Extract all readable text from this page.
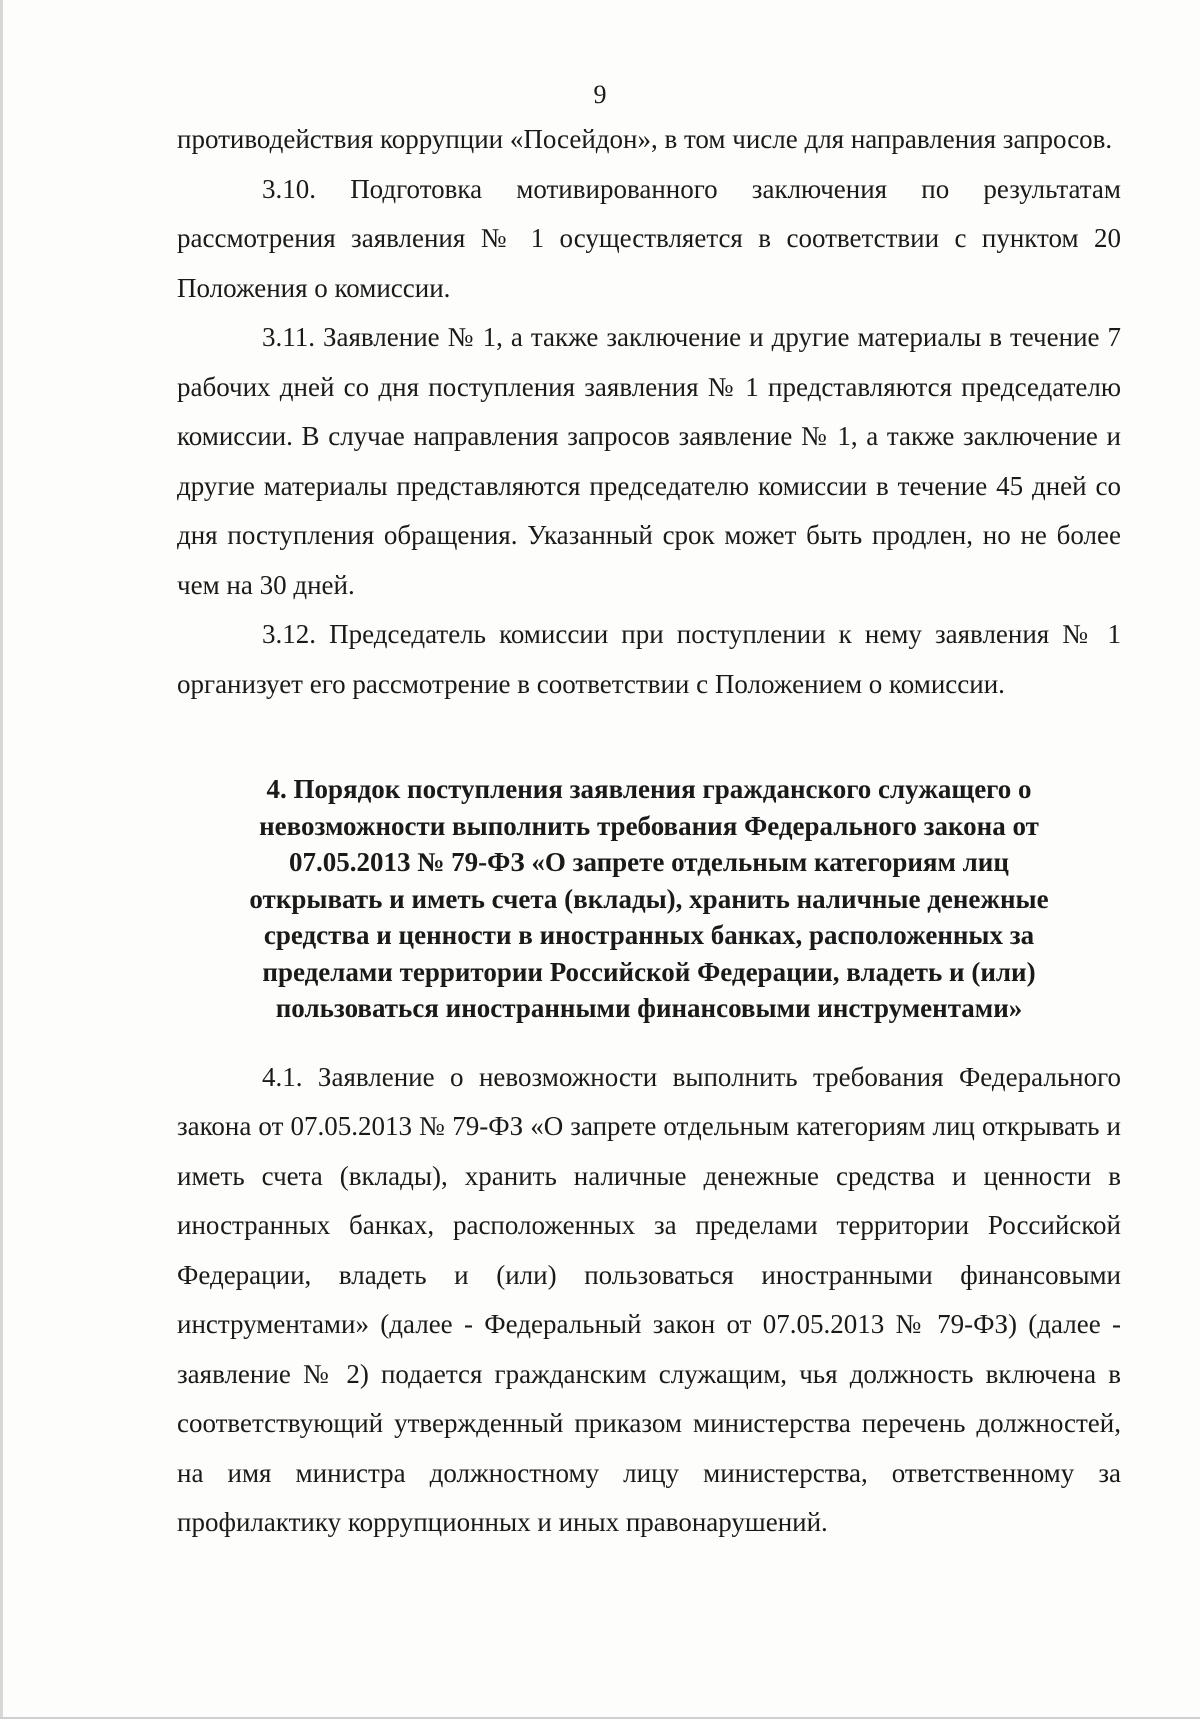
9

противодействия коррупции «Посейдон», в том числе для направления запросов.

3.10. Подготовка мотивированного заключения по результатам рассмотрения заявления № 1 осуществляется в соответствии с пунктом 20 Положения о комиссии.

3.11. Заявление № 1, а также заключение и другие материалы в течение 7 рабочих дней со дня поступления заявления № 1 представляются председателю комиссии. В случае направления запросов заявление № 1, а также заключение и другие материалы представляются председателю комиссии в течение 45 дней со дня поступления обращения. Указанный срок может быть продлен, но не более чем на 30 дней.

3.12. Председатель комиссии при поступлении к нему заявления № 1 организует его рассмотрение в соответствии с Положением о комиссии.

4. Порядок поступления заявления гражданского служащего о
невозможности выполнить требования Федерального закона от
07.05.2013 № 79-ФЗ «О запрете отдельным категориям лиц
открывать и иметь счета (вклады), хранить наличные денежные
средства и ценности в иностранных банках, расположенных за
пределами территории Российской Федерации, владеть и (или)
пользоваться иностранными финансовыми инструментами»

4.1. Заявление о невозможности выполнить требования Федерального закона от 07.05.2013 № 79-ФЗ «О запрете отдельным категориям лиц открывать и иметь счета (вклады), хранить наличные денежные средства и ценности в иностранных банках, расположенных за пределами территории Российской Федерации, владеть и (или) пользоваться иностранными финансовыми инструментами» (далее - Федеральный закон от 07.05.2013 № 79-ФЗ) (далее - заявление № 2) подается гражданским служащим, чья должность включена в соответствующий утвержденный приказом министерства перечень должностей, на имя министра должностному лицу министерства, ответственному за профилактику коррупционных и иных правонарушений.
